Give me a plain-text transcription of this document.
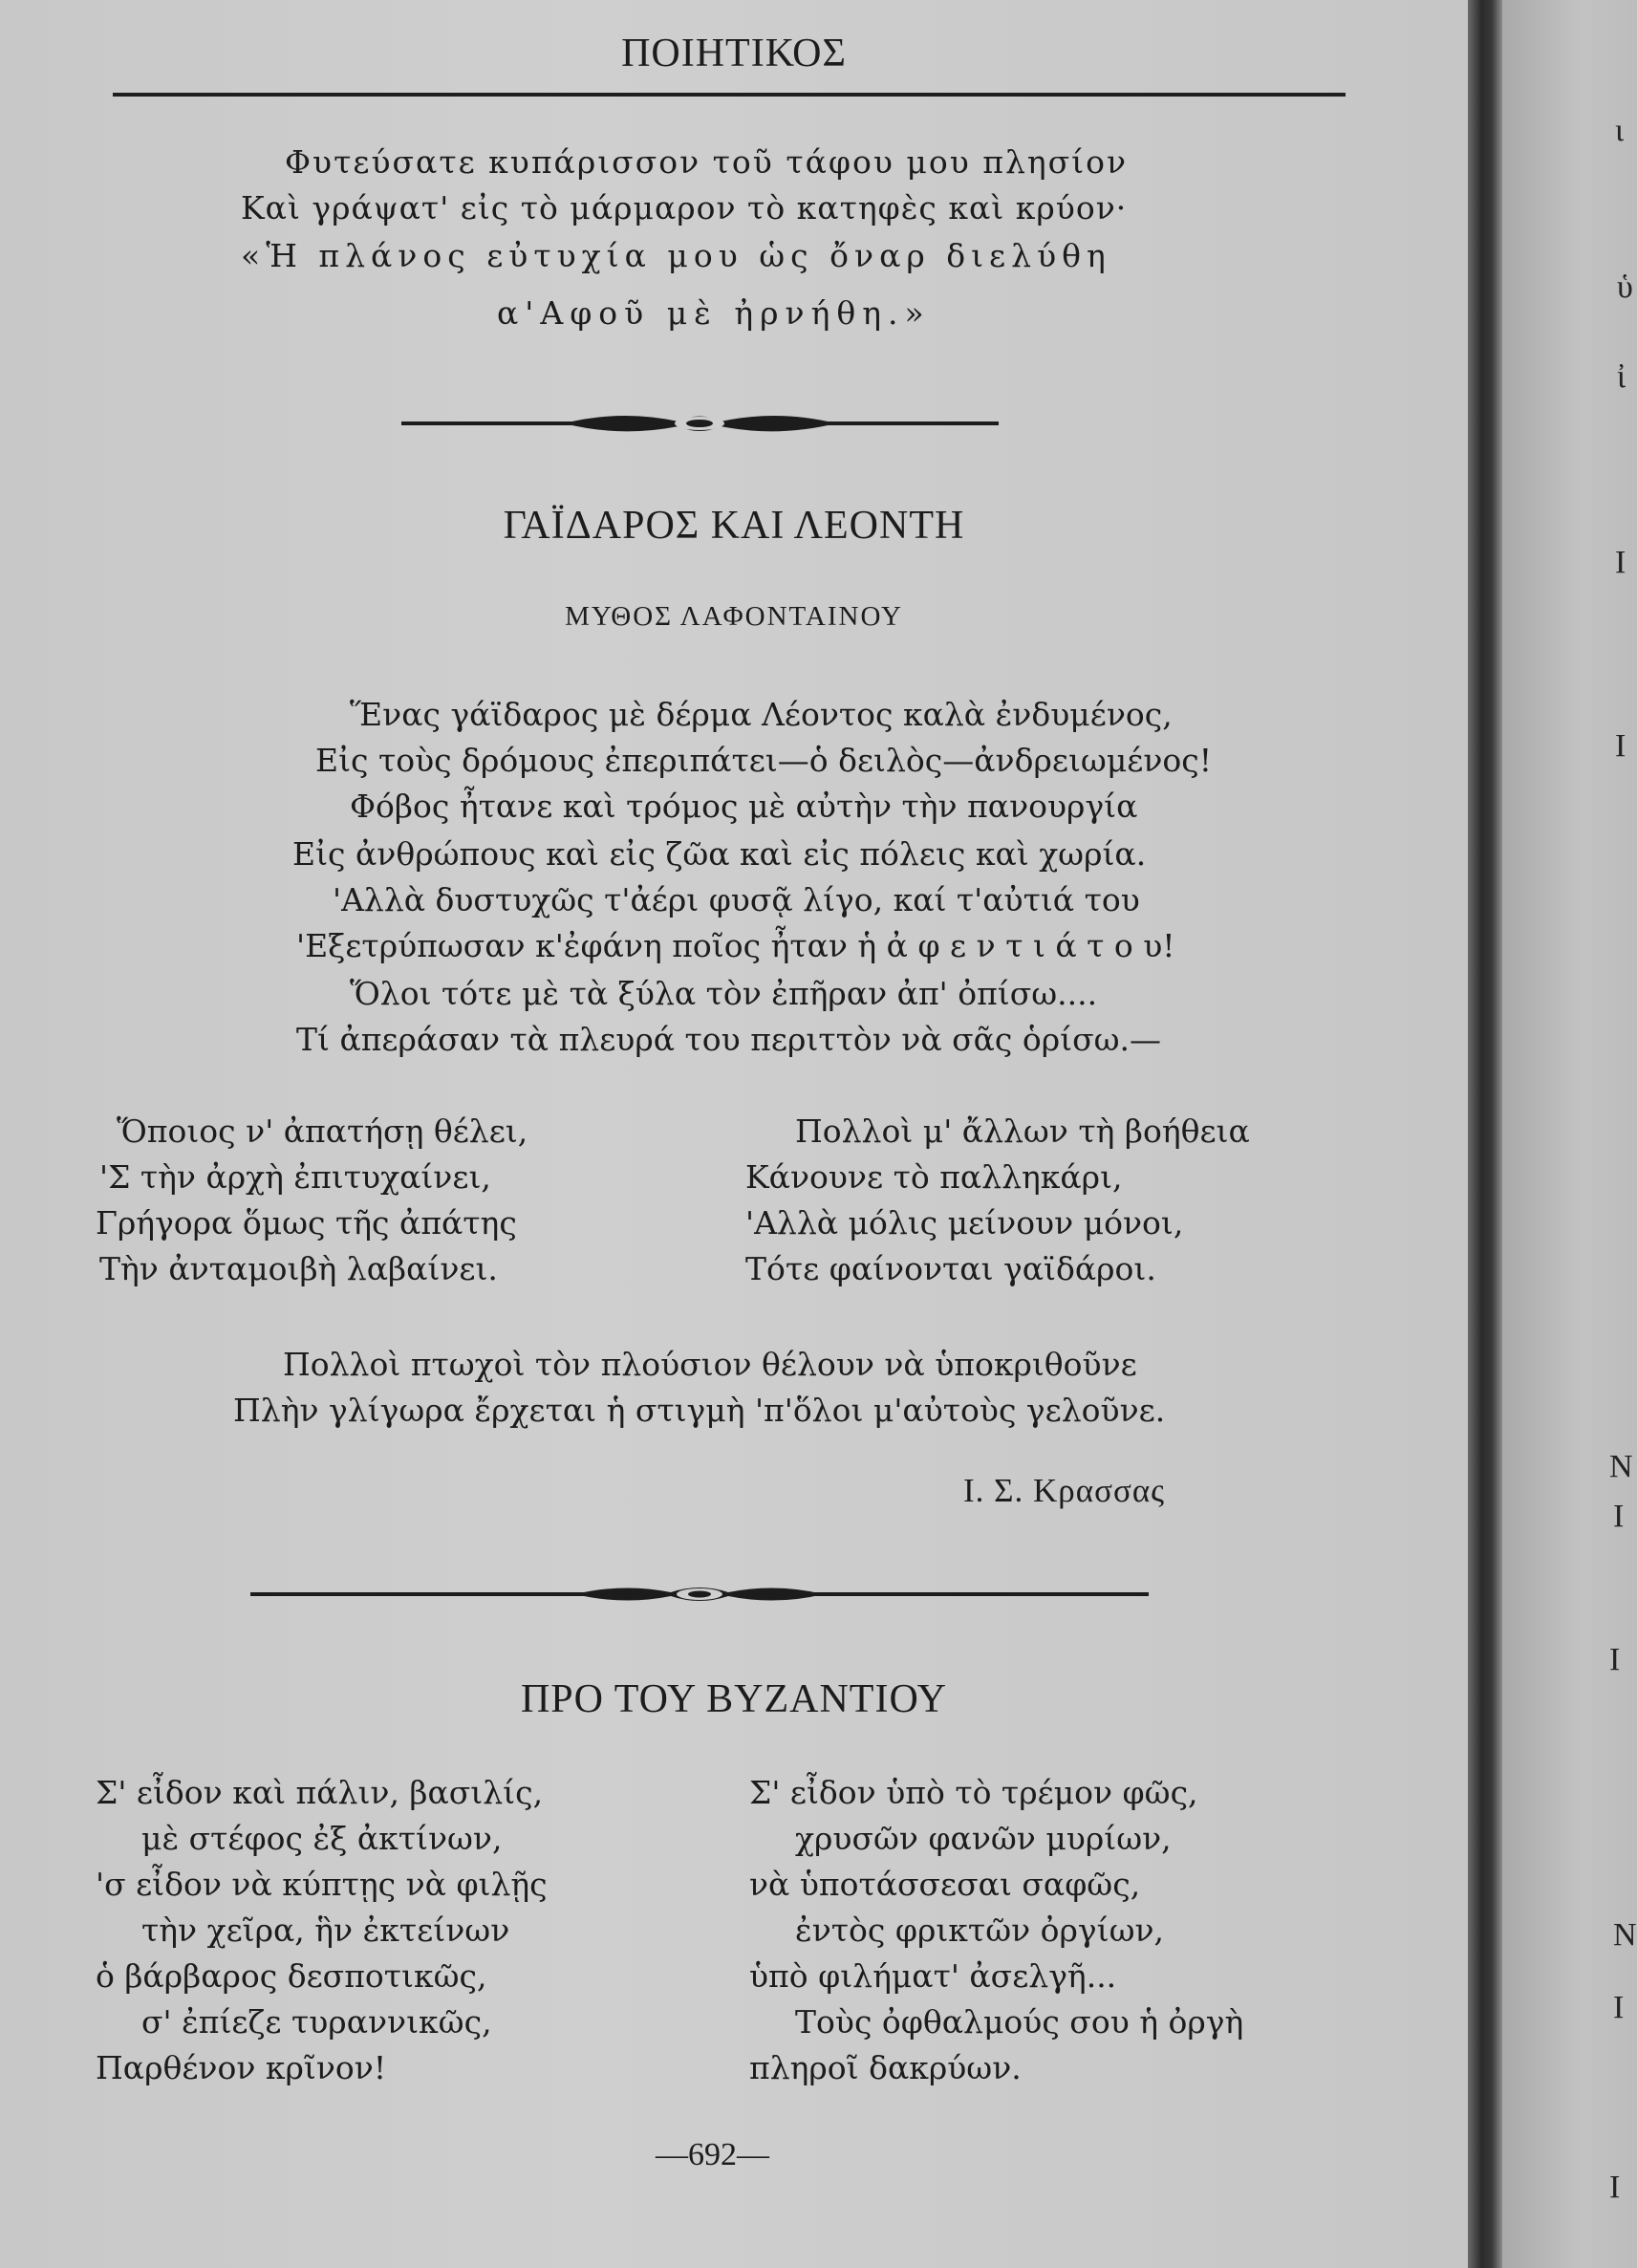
ΠΟΙΗΤΙΚΟΣ
Φυτεύσατε κυπάρισσον τοῦ τάφου μου πλησίον
Καὶ γράψατ' εἰς τὸ μάρμαρον τὸ κατηφὲς καὶ κρύον·
«Ἡ πλάνος εὐτυχία μου ὡς ὄναρ διελύθη
α'Αφοῦ μὲ ἠρνήθη.»
ΓΑΪΔΑΡΟΣ ΚΑΙ ΛΕΟΝΤΗ
ΜΥΘΟΣ ΛΑΦΟΝΤΑΙΝΟΥ
Ἕνας γάϊδαρος μὲ δέρμα Λέοντος καλὰ ἐνδυμένος,
Εἰς τοὺς δρόμους ἐπεριπάτει—ὁ δειλὸς—ἀνδρειωμένος!
Φόβος ἦτανε καὶ τρόμος μὲ αὐτὴν τὴν πανουργία
Εἰς ἀνθρώπους καὶ εἰς ζῶα καὶ εἰς πόλεις καὶ χωρία.
'Αλλὰ δυστυχῶς τ'ἀέρι φυσᾷ λίγο, καί τ'αὐτιά του
'Εξετρύπωσαν κ'ἐφάνη ποῖος ἦταν ἡ ἀ φ ε ν τ ι ά τ ο υ!
Ὅλοι τότε μὲ τὰ ξύλα τὸν ἐπῆραν ἀπ' ὀπίσω....
Τί ἀπεράσαν τὰ πλευρά του περιττὸν νὰ σᾶς ὁρίσω.—
Ὅποιος ν' ἀπατήσῃ θέλει,
'Σ τὴν ἀρχὴ ἐπιτυχαίνει,
Γρήγορα ὅμως τῆς ἀπάτης
Τὴν ἀνταμοιβὴ λαβαίνει.
Πολλοὶ μ' ἄλλων τὴ βοήθεια
Κάνουνε τὸ παλληκάρι,
'Αλλὰ μόλις μείνουν μόνοι,
Τότε φαίνονται γαϊδάροι.
Πολλοὶ πτωχοὶ τὸν πλούσιον θέλουν νὰ ὑποκριθοῦνε
Πλὴν γλίγωρα ἔρχεται ἡ στιγμὴ 'π'ὅλοι μ'αὐτοὺς γελοῦνε.
Ι. Σ. Κρασσας
ΠΡΟ ΤΟΥ ΒΥΖΑΝΤΙΟΥ
Σ' εἶδον καὶ πάλιν, βασιλίς,
μὲ στέφος ἐξ ἀκτίνων,
'σ εἶδον νὰ κύπτῃς νὰ φιλῇς
τὴν χεῖρα, ἣν ἐκτείνων
ὁ βάρβαρος δεσποτικῶς,
σ' ἐπίεζε τυραννικῶς,
Παρθένον κρῖνον!
Σ' εἶδον ὑπὸ τὸ τρέμον φῶς,
χρυσῶν φανῶν μυρίων,
νὰ ὑποτάσσεσαι σαφῶς,
ἐντὸς φρικτῶν ὀργίων,
ὑπὸ φιλήματ' ἀσελγῆ...
Τοὺς ὀφθαλμούς σου ἡ ὀργὴ
πληροῖ δακρύων.
—692—
ι
ὑ
ἰ
Ι
Ι
Ν
Ι
Ι
Ν
Ι
Ι
